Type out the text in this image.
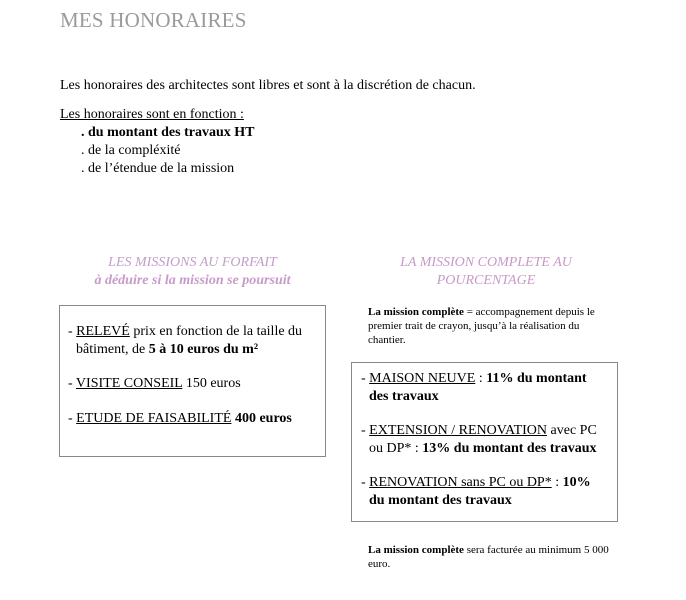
MES HONORAIRES
Les honoraires des architectes sont libres et sont à la discrétion de chacun.
Les honoraires sont en fonction :
. du montant des travaux HT
. de la compléxité
. de l’étendue de la mission
LES MISSIONS AU FORFAIT
à déduire si la mission se poursuit
- RELEVÉ prix en fonction de la taille du
bâtiment, de 5 à 10 euros du m²
- VISITE CONSEIL 150 euros
- ETUDE DE FAISABILITÉ 400 euros
LA MISSION COMPLETE AU
POURCENTAGE
La mission complète = accompagnement depuis le premier trait de crayon, jusqu’à la réalisation du chantier.
- MAISON NEUVE : 11% du montant
des travaux
- EXTENSION / RENOVATION avec PC
ou DP* : 13% du montant des travaux
- RENOVATION sans PC ou DP* : 10%
du montant des travaux
La mission complète sera facturée au minimum 5 000 euro.
